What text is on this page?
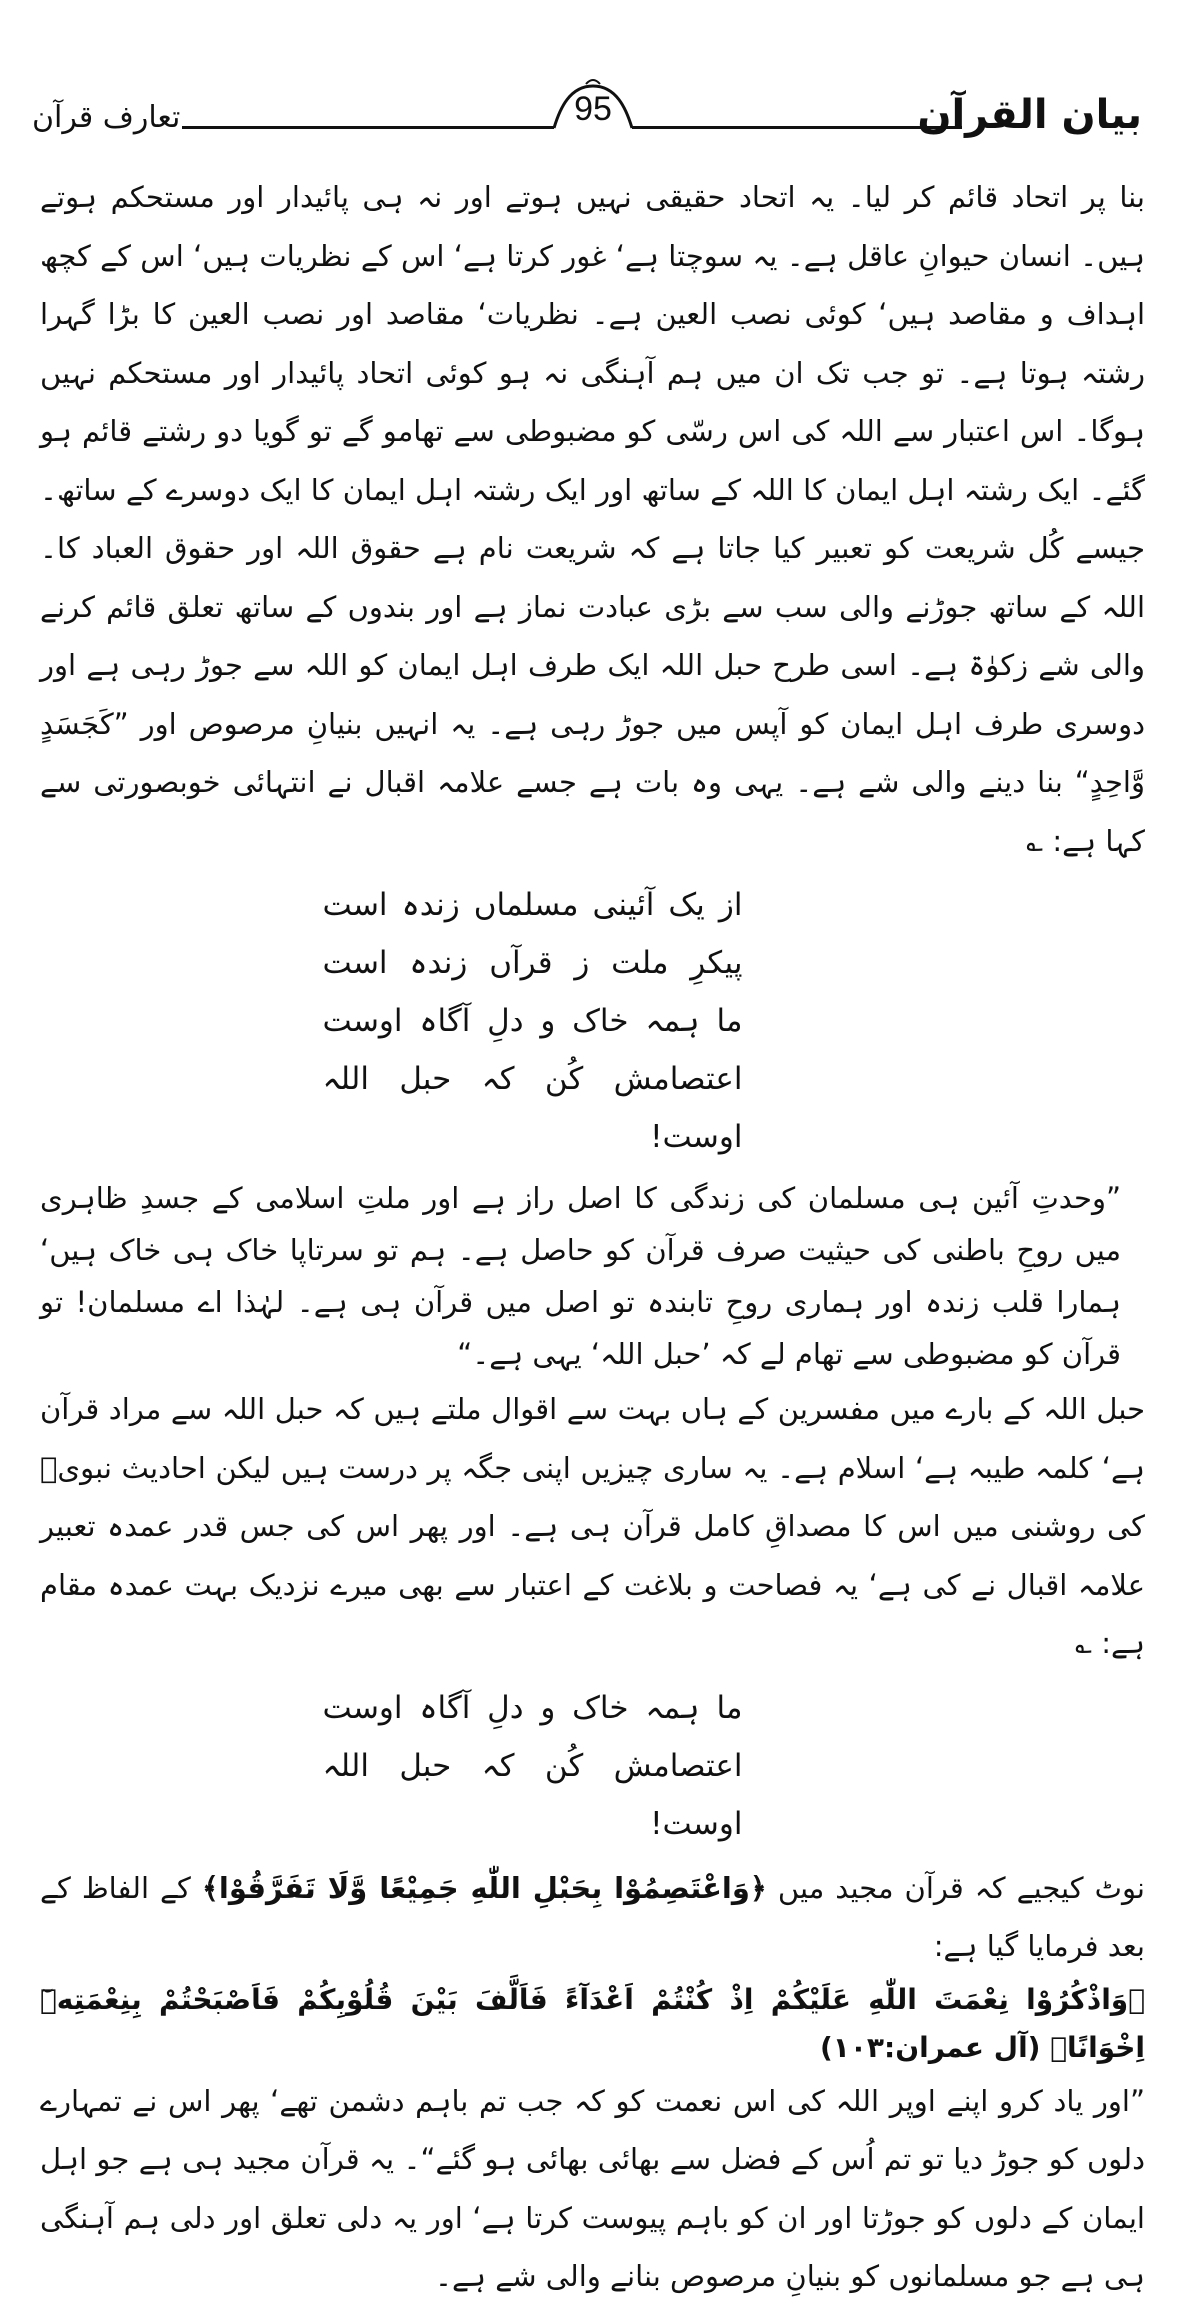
بیان القرآن
تعارف قرآن	95

بنا پر اتحاد قائم کر لیا۔ یہ اتحاد حقیقی نہیں ہوتے اور نہ ہی پائیدار اور مستحکم ہوتے ہیں۔ انسان حیوانِ عاقل ہے۔ یہ سوچتا ہے‘ غور کرتا ہے‘ اس کے نظریات ہیں‘ اس کے کچھ اہداف و مقاصد ہیں‘ کوئی نصب العین ہے۔ نظریات‘ مقاصد اور نصب العین کا بڑا گہرا رشتہ ہوتا ہے۔ تو جب تک ان میں ہم آہنگی نہ ہو کوئی اتحاد پائیدار اور مستحکم نہیں ہوگا۔ اس اعتبار سے اللہ کی اس رسّی کو مضبوطی سے تھامو گے تو گویا دو رشتے قائم ہو گئے۔ ایک رشتہ اہل ایمان کا اللہ کے ساتھ اور ایک رشتہ اہل ایمان کا ایک دوسرے کے ساتھ۔ جیسے کُل شریعت کو تعبیر کیا جاتا ہے کہ شریعت نام ہے حقوق اللہ اور حقوق العباد کا۔ اللہ کے ساتھ جوڑنے والی سب سے بڑی عبادت نماز ہے اور بندوں کے ساتھ تعلق قائم کرنے والی شے زکوٰۃ ہے۔ اسی طرح حبل اللہ ایک طرف اہل ایمان کو اللہ سے جوڑ رہی ہے اور دوسری طرف اہل ایمان کو آپس میں جوڑ رہی ہے۔ یہ انہیں بنیانِ مرصوص اور ”کَجَسَدٍ وَّاحِدٍ“ بنا دینے والی شے ہے۔ یہی وہ بات ہے جسے علامہ اقبال نے انتہائی خوبصورتی سے کہا ہے: ؎

از یک آئینی مسلماں زندہ است
پیکرِ ملت ز قرآں زندہ است
ما ہمہ خاک و دلِ آگاہ اوست
اعتصامش کُن کہ حبل اللہ اوست!

”وحدتِ آئین ہی مسلمان کی زندگی کا اصل راز ہے اور ملتِ اسلامی کے جسدِ ظاہری میں روحِ باطنی کی حیثیت صرف قرآن کو حاصل ہے۔ ہم تو سرتاپا خاک ہی خاک ہیں‘ ہمارا قلب زندہ اور ہماری روحِ تابندہ تو اصل میں قرآن ہی ہے۔ لہٰذا اے مسلمان! تو قرآن کو مضبوطی سے تھام لے کہ ’حبل اللہ‘ یہی ہے۔“

حبل اللہ کے بارے میں مفسرین کے ہاں بہت سے اقوال ملتے ہیں کہ حبل اللہ سے مراد قرآن ہے‘ کلمہ طیبہ ہے‘ اسلام ہے۔ یہ ساری چیزیں اپنی جگہ پر درست ہیں لیکن احادیث نبویؐ کی روشنی میں اس کا مصداقِ کامل قرآن ہی ہے۔ اور پھر اس کی جس قدر عمدہ تعبیر علامہ اقبال نے کی ہے‘ یہ فصاحت و بلاغت کے اعتبار سے بھی میرے نزدیک بہت عمدہ مقام ہے: ؎

ما ہمہ خاک و دلِ آگاہ اوست
اعتصامش کُن کہ حبل اللہ اوست!

نوٹ کیجیے کہ قرآن مجید میں ﴿وَاعْتَصِمُوْا بِحَبْلِ اللّٰهِ جَمِيْعًا وَّلَا تَفَرَّقُوْا﴾ کے الفاظ کے بعد فرمایا گیا ہے:

﴿وَاذْكُرُوْا نِعْمَتَ اللّٰهِ عَلَيْكُمْ اِذْ كُنْتُمْ اَعْدَآءً فَاَلَّفَ بَيْنَ قُلُوْبِكُمْ فَاَصْبَحْتُمْ بِنِعْمَتِهٖٓ اِخْوَانًا﴾ (آل عمران:۱۰۳)

”اور یاد کرو اپنے اوپر اللہ کی اس نعمت کو کہ جب تم باہم دشمن تھے‘ پھر اس نے تمہارے دلوں کو جوڑ دیا تو تم اُس کے فضل سے بھائی بھائی ہو گئے“۔ یہ قرآن مجید ہی ہے جو اہل ایمان کے دلوں کو جوڑتا اور ان کو باہم پیوست کرتا ہے‘ اور یہ دلی تعلق اور دلی ہم آہنگی ہی ہے جو مسلمانوں کو بنیانِ مرصوص بنانے والی شے ہے۔
